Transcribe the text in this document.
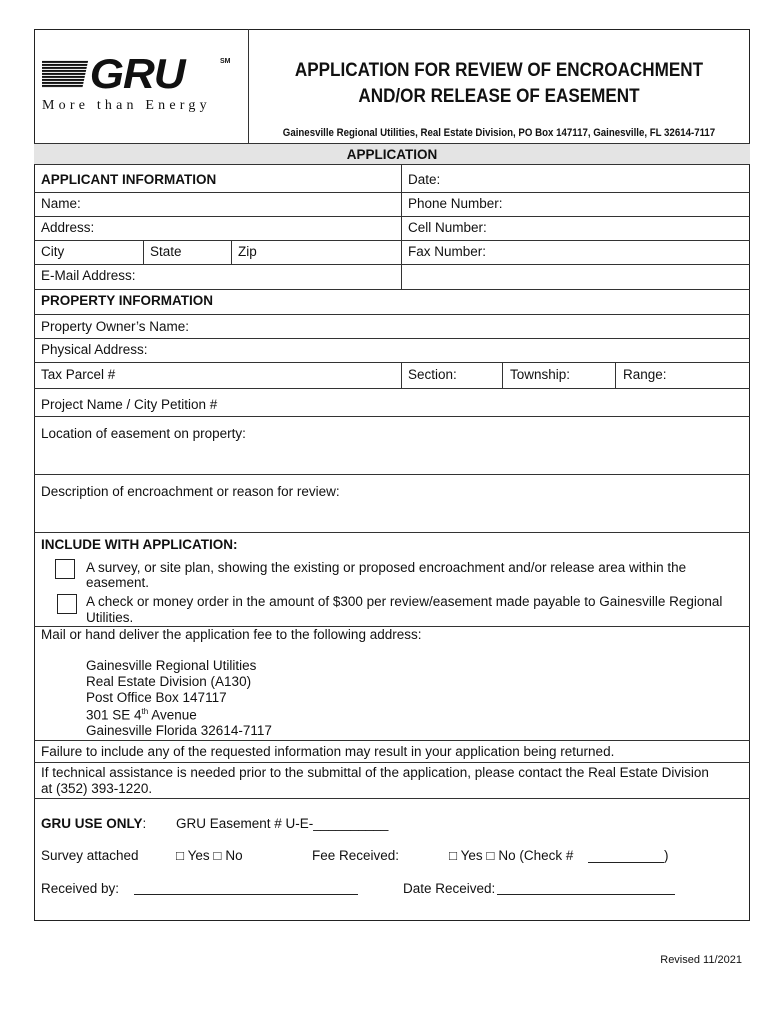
GRU	SM
More than Energy
APPLICATION FOR REVIEW OF ENCROACHMENT
AND/OR RELEASE OF EASEMENT
Gainesville Regional Utilities, Real Estate Division, PO Box 147117, Gainesville, FL 32614-7117
APPLICATION
APPLICANT INFORMATION	Date:
Name:	Phone Number:
Address:	Cell Number:
City	State	Zip	Fax Number:
E-Mail Address:
PROPERTY INFORMATION
Property Owner’s Name:
Physical Address:
Tax Parcel #	Section:	Township:	Range:
Project Name / City Petition #
Location of easement on property:
Description of encroachment or reason for review:
INCLUDE WITH APPLICATION:
A survey, or site plan, showing the existing or proposed encroachment and/or release area within the
easement.
A check or money order in the amount of $300 per review/easement made payable to Gainesville Regional
Utilities.
Mail or hand deliver the application fee to the following address:
Gainesville Regional Utilities
Real Estate Division (A130)
Post Office Box 147117
301 SE 4th Avenue
Gainesville Florida 32614-7117
Failure to include any of the requested information may result in your application being returned.
If technical assistance is needed prior to the submittal of the application, please contact the Real Estate Division
at (352) 393-1220.
GRU USE ONLY: GRU Easement # U-E-__________
Survey attached	□ Yes □ No	Fee Received:	□ Yes □ No (Check #	)
Received by:	Date Received:
Revised 11/2021
